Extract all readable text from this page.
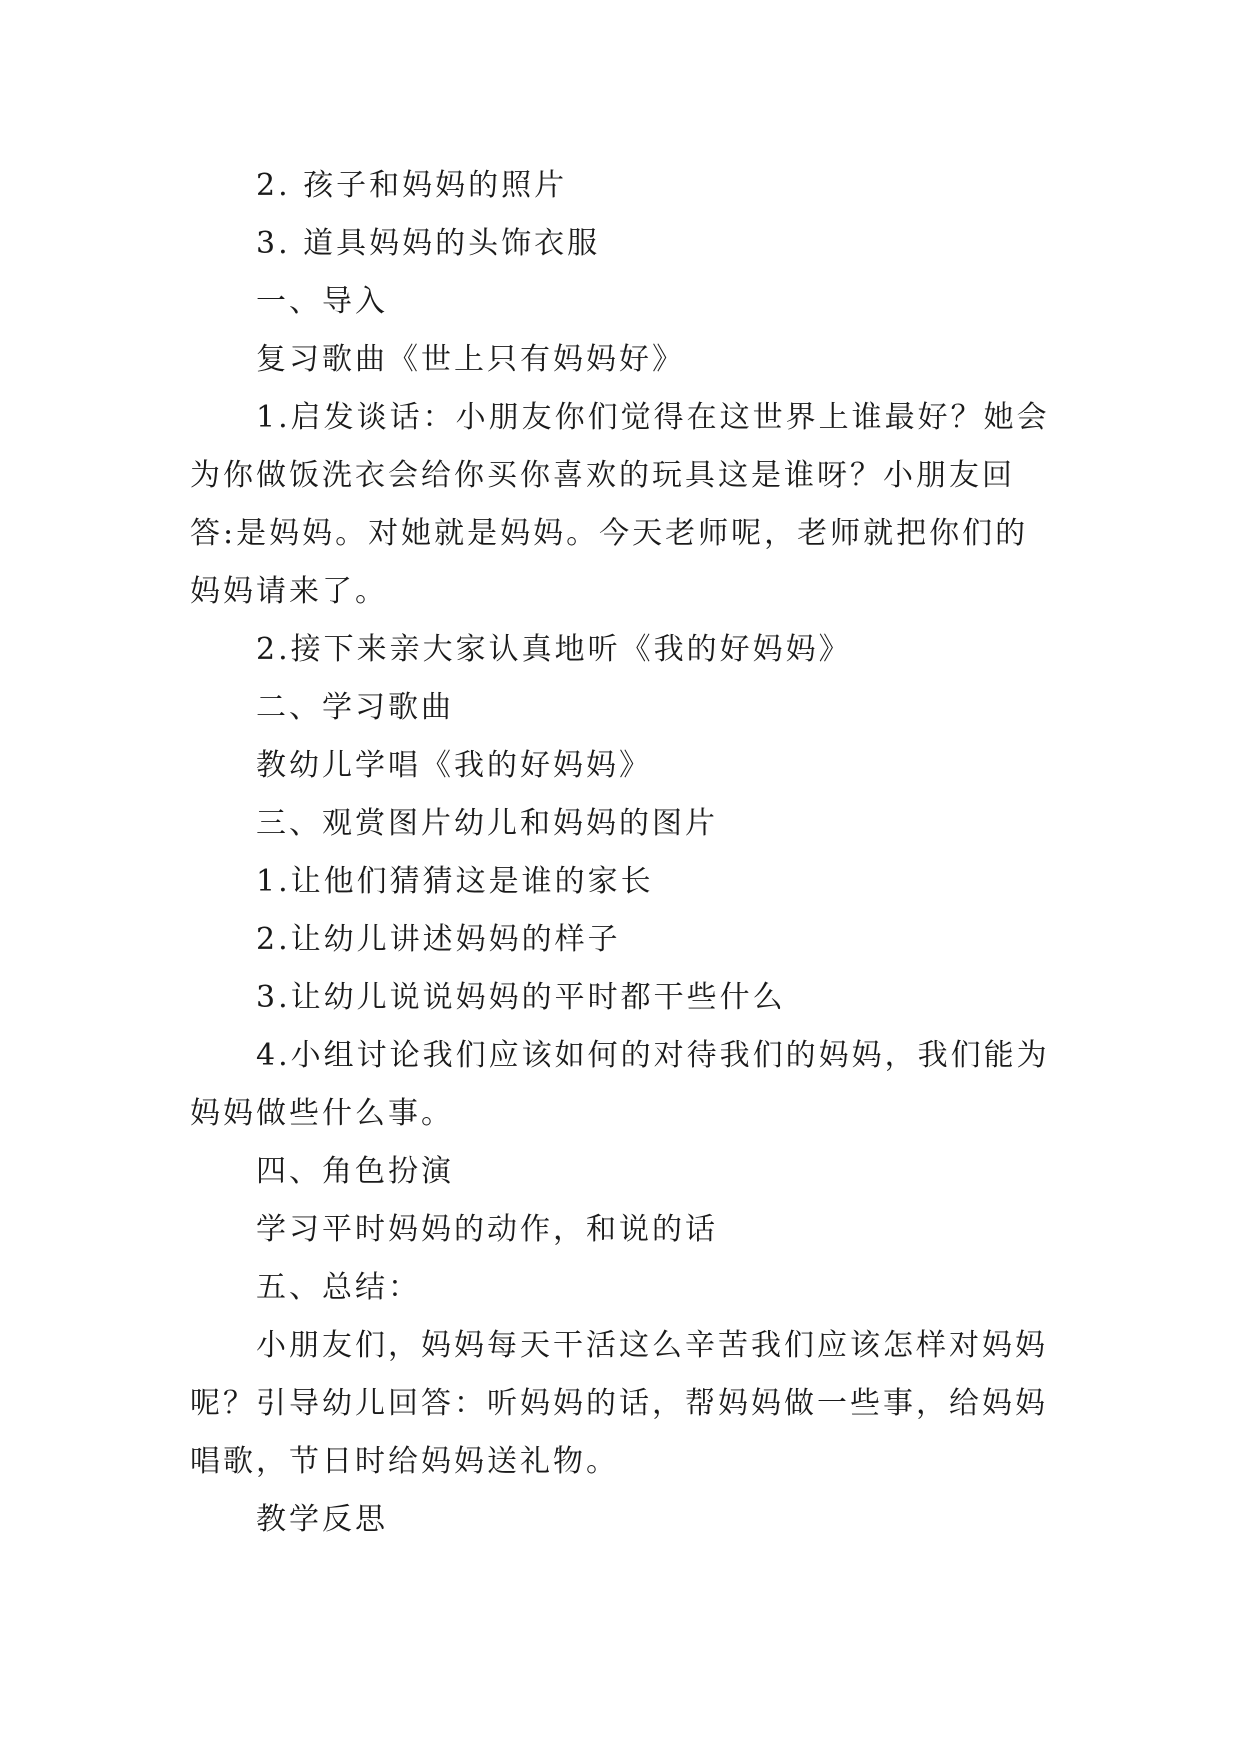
2. 孩子和妈妈的照片

3. 道具妈妈的头饰衣服

一、导入

复习歌曲《世上只有妈妈好》

1.启发谈话：小朋友你们觉得在这世界上谁最好？她会为你做饭洗衣会给你买你喜欢的玩具这是谁呀？小朋友回答:是妈妈。对她就是妈妈。今天老师呢，老师就把你们的妈妈请来了。

2.接下来亲大家认真地听《我的好妈妈》

二、学习歌曲

教幼儿学唱《我的好妈妈》

三、观赏图片幼儿和妈妈的图片

1.让他们猜猜这是谁的家长

2.让幼儿讲述妈妈的样子

3.让幼儿说说妈妈的平时都干些什么

4.小组讨论我们应该如何的对待我们的妈妈，我们能为妈妈做些什么事。

四、角色扮演

学习平时妈妈的动作，和说的话

五、总结：

小朋友们，妈妈每天干活这么辛苦我们应该怎样对妈妈呢？引导幼儿回答：听妈妈的话，帮妈妈做一些事，给妈妈唱歌，节日时给妈妈送礼物。

教学反思
